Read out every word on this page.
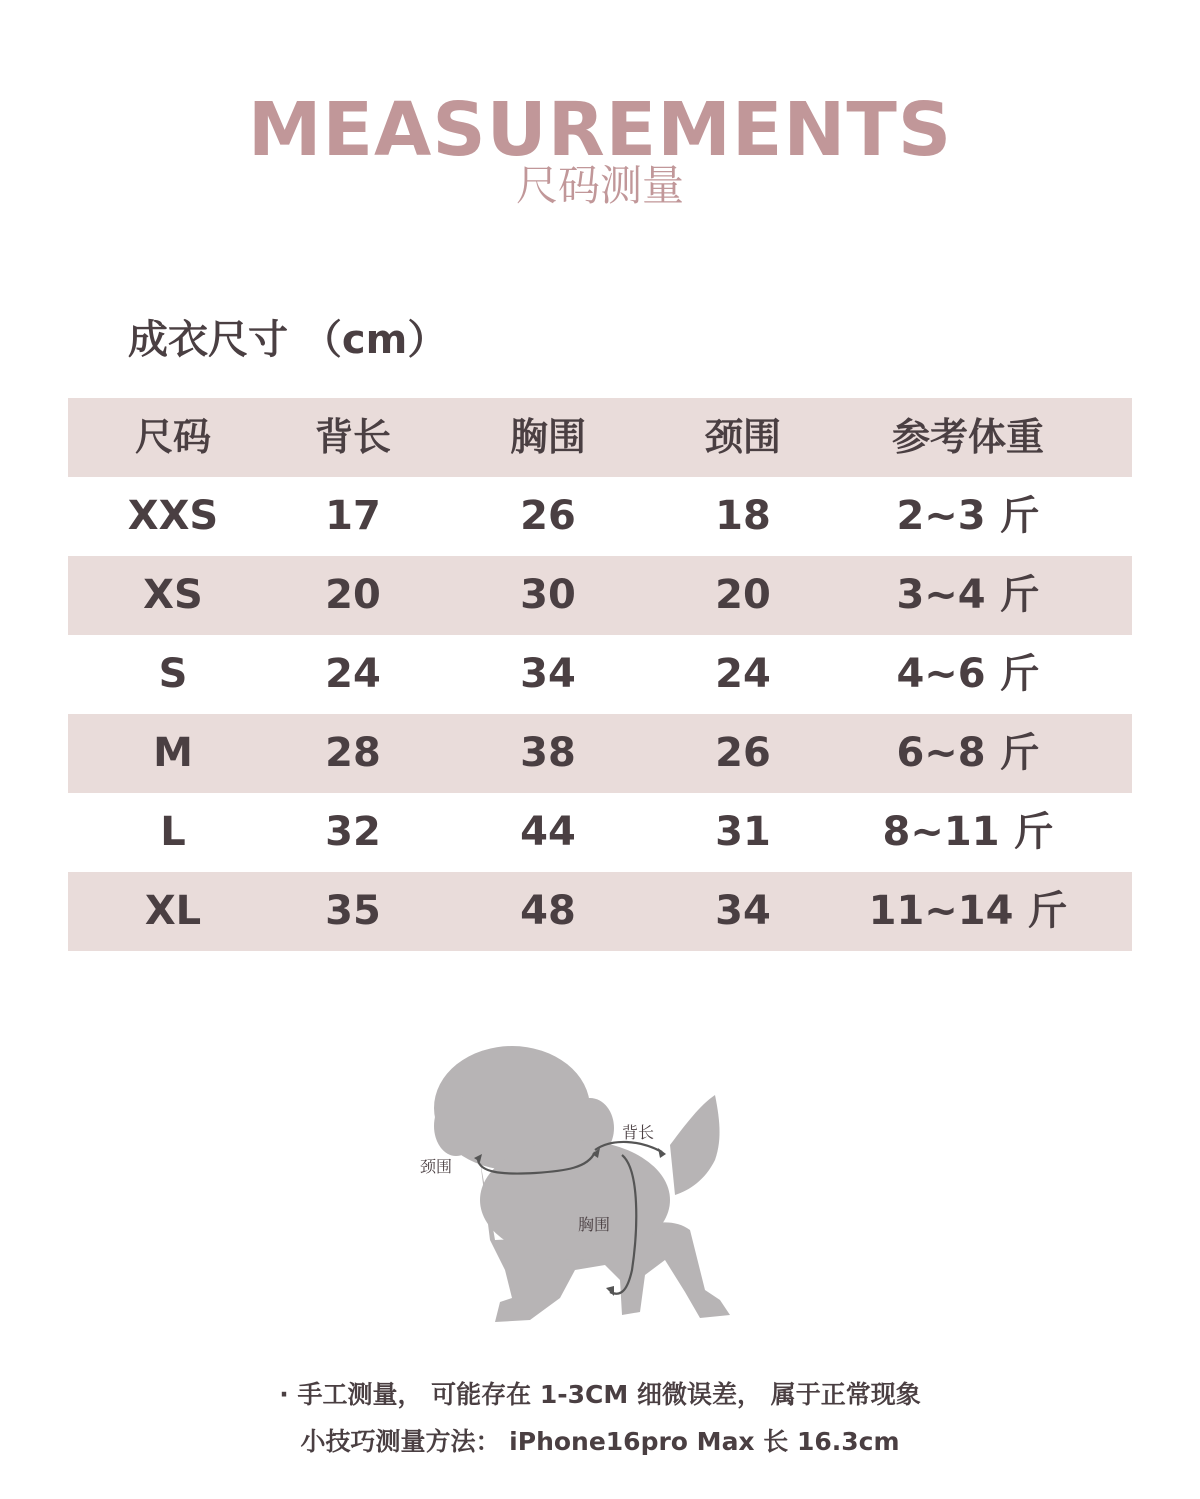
MEASUREMENTS
尺码测量
成衣尺寸 （cm）
尺码	背长	胸围	颈围	参考体重
XXS	17	26	18	2~3 斤
XS	20	30	20	3~4 斤
S	24	34	24	4~6 斤
M	28	38	26	6~8 斤
L	32	44	31	8~11 斤
XL	35	48	34	11~14 斤
背长
颈围
胸围
· 手工测量， 可能存在 1-3CM 细微误差， 属于正常现象
小技巧测量方法： iPhone16pro Max 长 16.3cm
